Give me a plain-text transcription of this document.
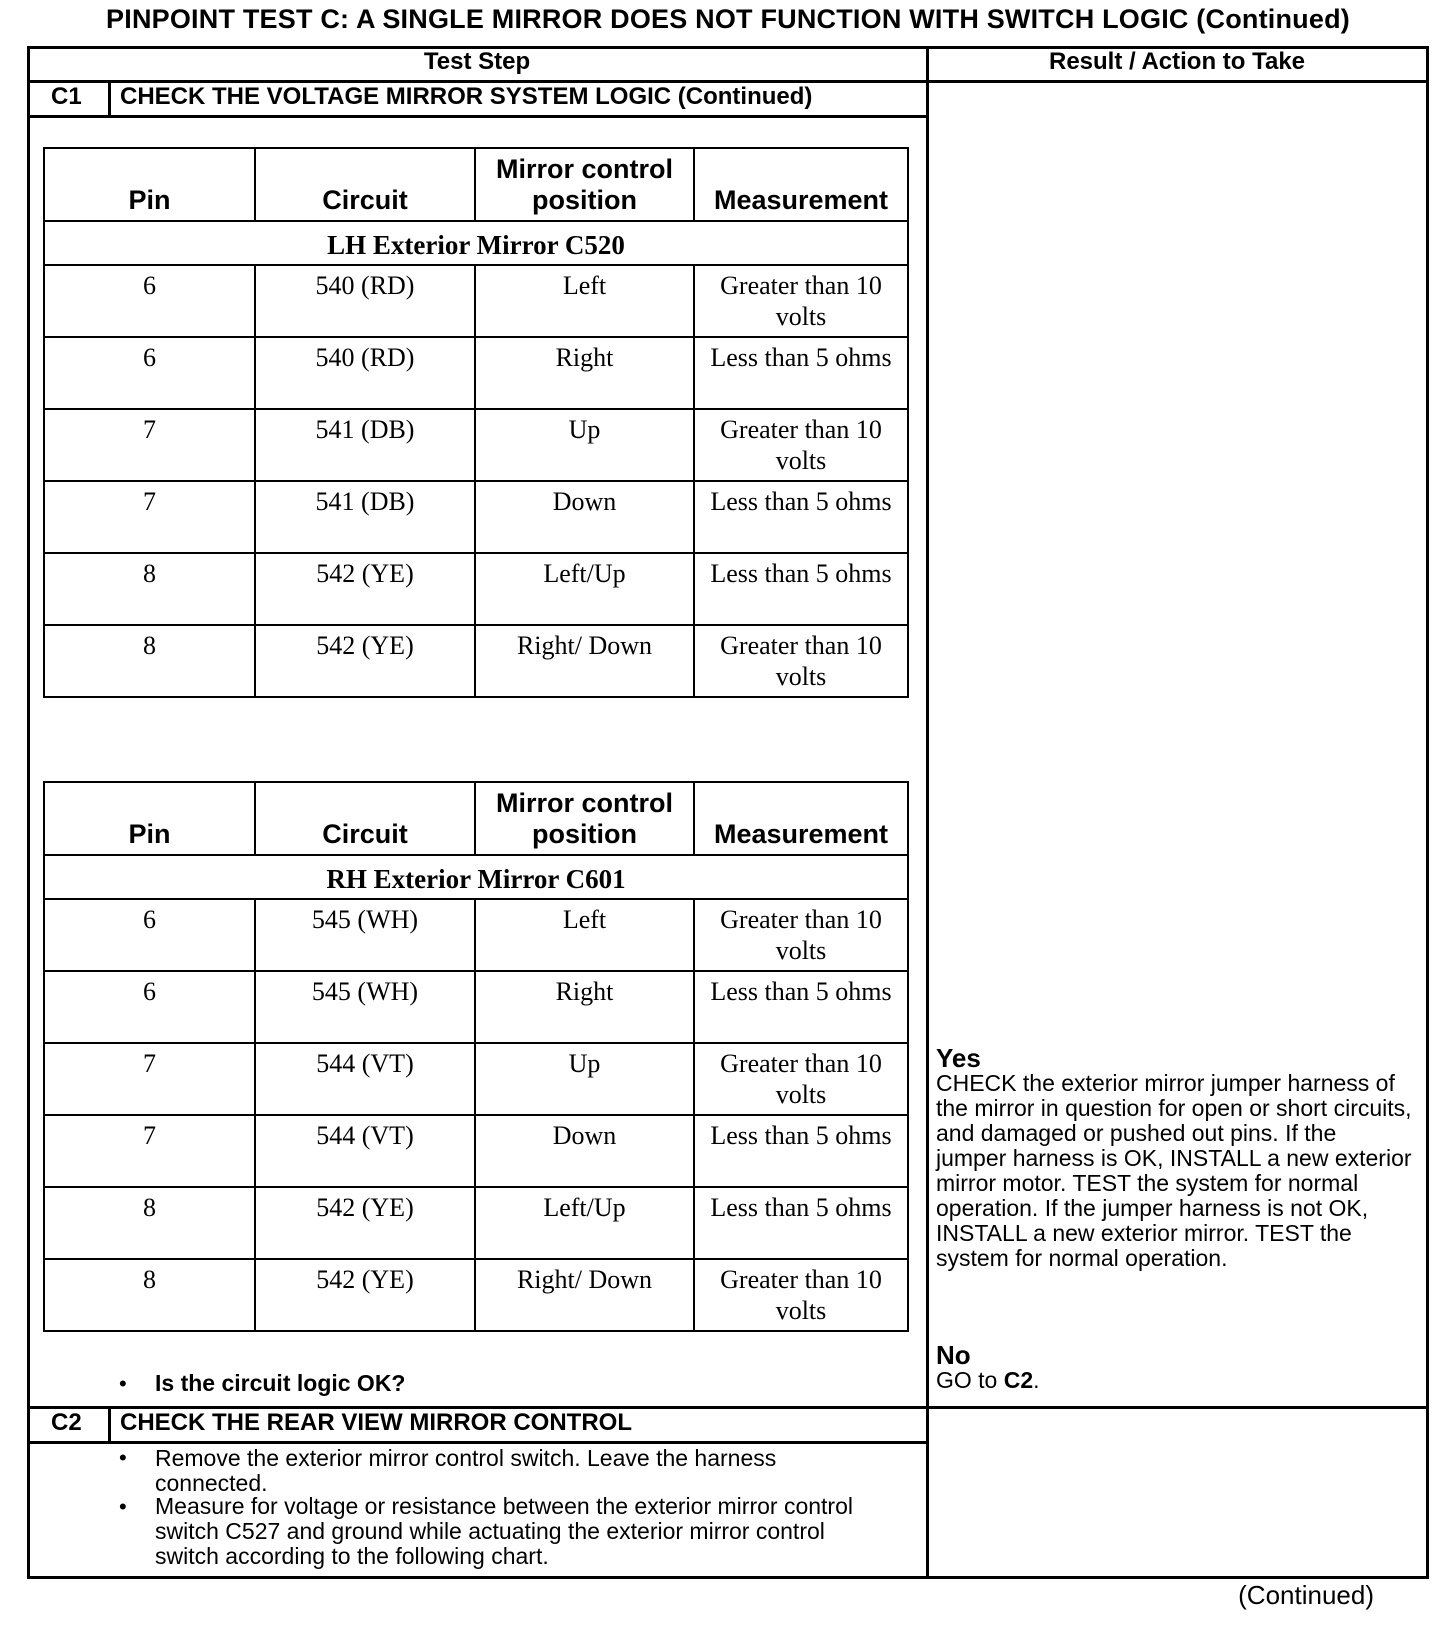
PINPOINT TEST C: A SINGLE MIRROR DOES NOT FUNCTION WITH SWITCH LOGIC (Continued)
Test Step	Result / Action to Take
C1 CHECK THE VOLTAGE MIRROR SYSTEM LOGIC (Continued)
C2 CHECK THE REAR VIEW MIRROR CONTROL
Pin	Circuit	Mirror control position	Measurement
LH Exterior Mirror C520			
6	540 (RD)	Left	Greater than 10 volts
6	540 (RD)	Right	Less than 5 ohms
7	541 (DB)	Up	Greater than 10 volts
7	541 (DB)	Down	Less than 5 ohms
8	542 (YE)	Left/Up	Less than 5 ohms
8	542 (YE)	Right/ Down	Greater than 10 volts
Pin	Circuit	Mirror control position	Measurement
RH Exterior Mirror C601			
6	545 (WH)	Left	Greater than 10 volts
6	545 (WH)	Right	Less than 5 ohms
7	544 (VT)	Up	Greater than 10 volts
7	544 (VT)	Down	Less than 5 ohms
8	542 (YE)	Left/Up	Less than 5 ohms
8	542 (YE)	Right/ Down	Greater than 10 volts
• Is the circuit logic OK?
Yes
CHECK the exterior mirror jumper harness of the mirror in question for open or short circuits, and damaged or pushed out pins. If the jumper harness is OK, INSTALL a new exterior mirror motor. TEST the system for normal operation. If the jumper harness is not OK, INSTALL a new exterior mirror. TEST the system for normal operation.
No
GO to C2.
• Remove the exterior mirror control switch. Leave the harness connected.
• Measure for voltage or resistance between the exterior mirror control switch C527 and ground while actuating the exterior mirror control switch according to the following chart.
(Continued)
